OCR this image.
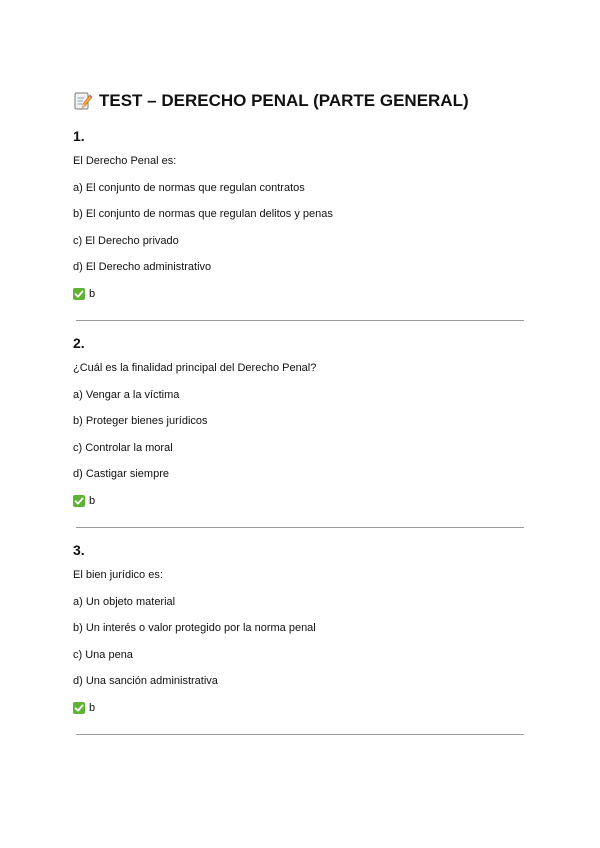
TEST – DERECHO PENAL (PARTE GENERAL)
1.
El Derecho Penal es:
a) El conjunto de normas que regulan contratos
b) El conjunto de normas que regulan delitos y penas
c) El Derecho privado
d) El Derecho administrativo
b
2.
¿Cuál es la finalidad principal del Derecho Penal?
a) Vengar a la víctima
b) Proteger bienes jurídicos
c) Controlar la moral
d) Castigar siempre
b
3.
El bien jurídico es:
a) Un objeto material
b) Un interés o valor protegido por la norma penal
c) Una pena
d) Una sanción administrativa
b
